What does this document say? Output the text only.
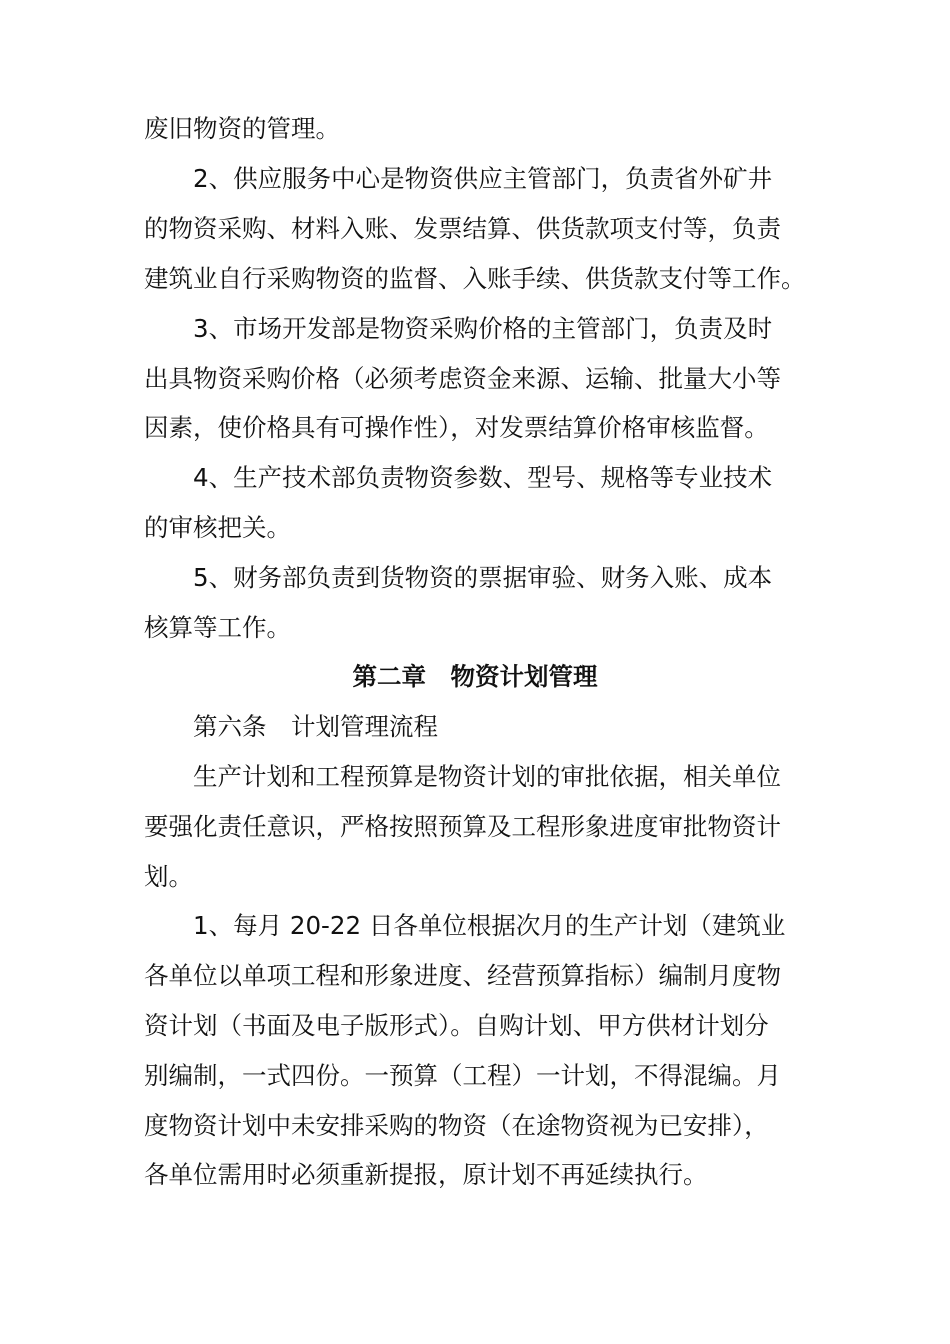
废旧物资的管理。
2、供应服务中心是物资供应主管部门，负责省外矿井
的物资采购、材料入账、发票结算、供货款项支付等，负责
建筑业自行采购物资的监督、入账手续、供货款支付等工作。
3、市场开发部是物资采购价格的主管部门，负责及时
出具物资采购价格（必须考虑资金来源、运输、批量大小等
因素，使价格具有可操作性），对发票结算价格审核监督。
4、生产技术部负责物资参数、型号、规格等专业技术
的审核把关。
5、财务部负责到货物资的票据审验、财务入账、成本
核算等工作。
第二章　物资计划管理
第六条　计划管理流程
生产计划和工程预算是物资计划的审批依据，相关单位
要强化责任意识，严格按照预算及工程形象进度审批物资计
划。
1、每月 20-22 日各单位根据次月的生产计划（建筑业
各单位以单项工程和形象进度、经营预算指标）编制月度物
资计划（书面及电子版形式）。自购计划、甲方供材计划分
别编制，一式四份。一预算（工程）一计划，不得混编。月
度物资计划中未安排采购的物资（在途物资视为已安排），
各单位需用时必须重新提报，原计划不再延续执行。
